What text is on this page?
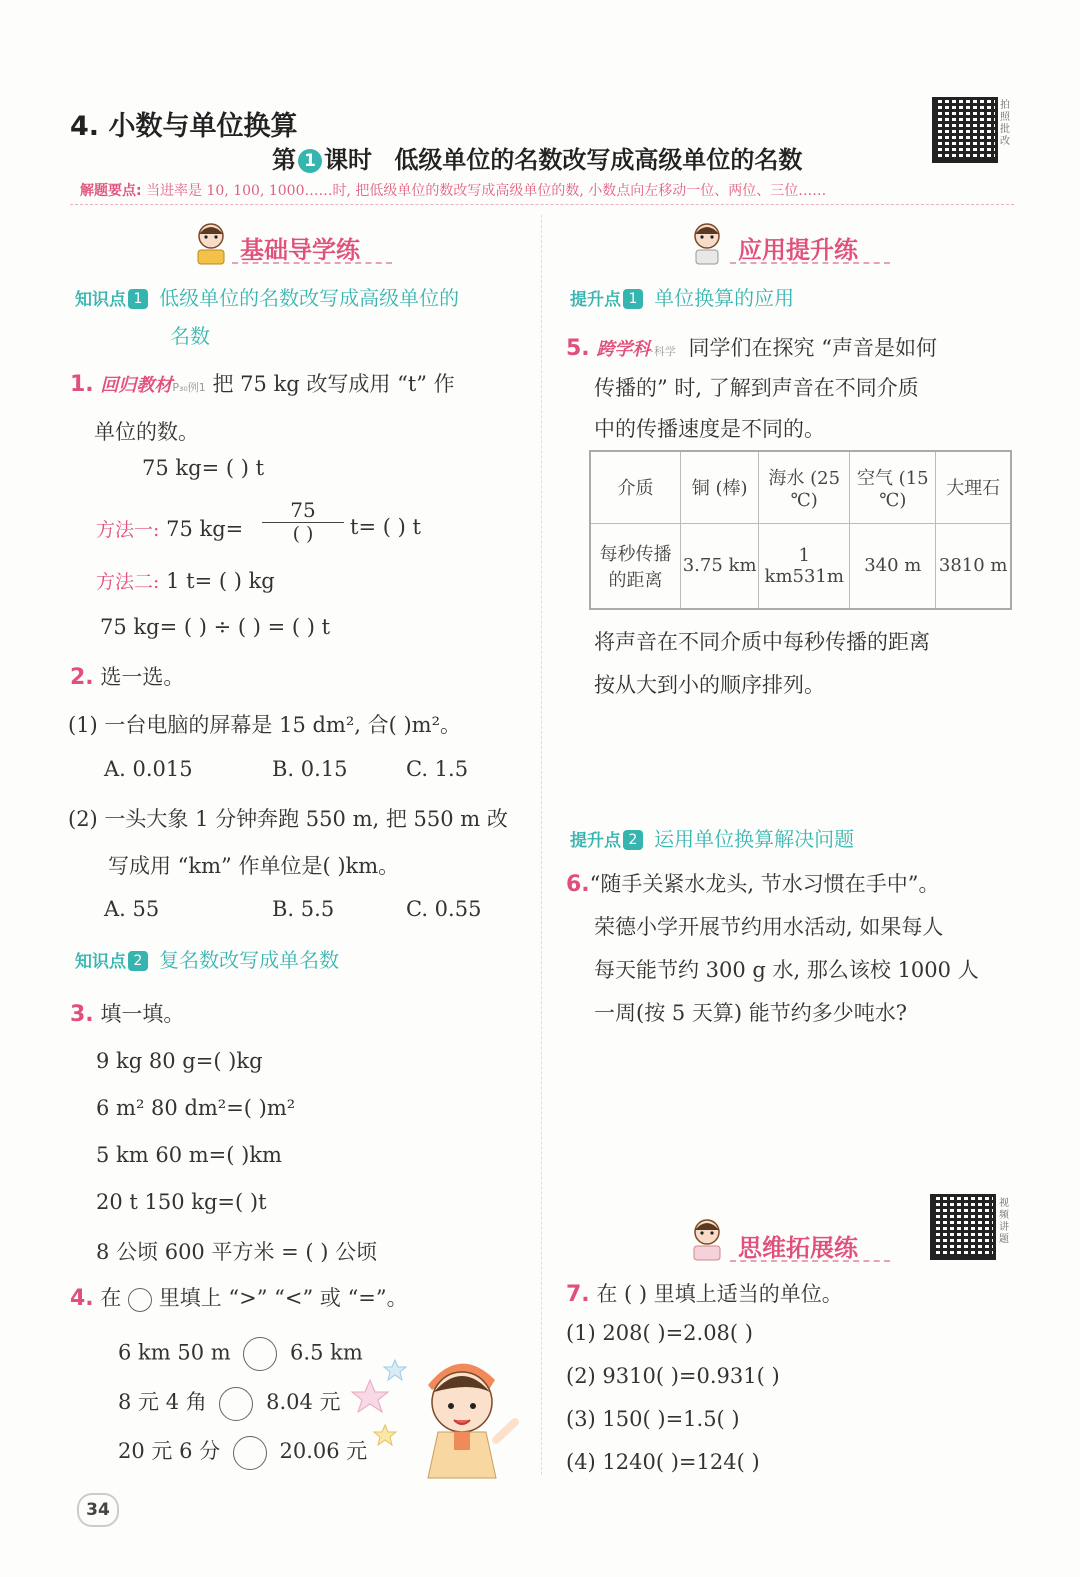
4. 小数与单位换算
第 1 课时 低级单位的名数改写成高级单位的名数
拍照批改
解题要点: 当进率是 10, 100, 1000……时, 把低级单位的数改写成高级单位的数, 小数点向左移动一位、两位、三位……
基础导学练
知识点 1 低级单位的名数改写成高级单位的
名数
1. 回归教材P₃₀例1 把 75 kg 改写成用 “t” 作
单位的数。
75 kg= ( ) t
方法一: 75 kg=
75
( )	t= ( ) t
方法二: 1 t= ( ) kg
75 kg= ( ) ÷ ( ) = ( ) t
2. 选一选。
(1) 一台电脑的屏幕是 15 dm², 合( )m²。
A. 0.015	B. 0.15	C. 1.5
(2) 一头大象 1 分钟奔跑 550 m, 把 550 m 改
写成用 “km” 作单位是( )km。
A. 55	B. 5.5	C. 0.55
知识点 2 复名数改写成单名数
3. 填一填。
9 kg 80 g=( )kg
6 m² 80 dm²=( )m²
5 km 60 m=( )km
20 t 150 kg=( )t
8 公顷 600 平方米 = ( ) 公顷
4. 在 里填上 “>” “<” 或 “=”。
6 km 50 m	6.5 km
8 元 4 角	8.04 元
20 元 6 分	20.06 元
34
应用提升练
提升点 1 单位换算的应用
5. 跨学科·科学 同学们在探究 “声音是如何
传播的” 时, 了解到声音在不同介质
中的传播速度是不同的。
介质	铜 (棒)	海水 (25 ℃)	空气 (15 ℃)	大理石
每秒传播的距离	3.75 km	1 km531m	340 m	3810 m
将声音在不同介质中每秒传播的距离
按从大到小的顺序排列。
提升点 2 运用单位换算解决问题
6.“随手关紧水龙头, 节水习惯在手中”。
荣德小学开展节约用水活动, 如果每人
每天能节约 300 g 水, 那么该校 1000 人
一周(按 5 天算) 能节约多少吨水?
视频讲题
思维拓展练
7. 在 ( ) 里填上适当的单位。
(1) 208( )=2.08( )
(2) 9310( )=0.931( )
(3) 150( )=1.5( )
(4) 1240( )=124( )
